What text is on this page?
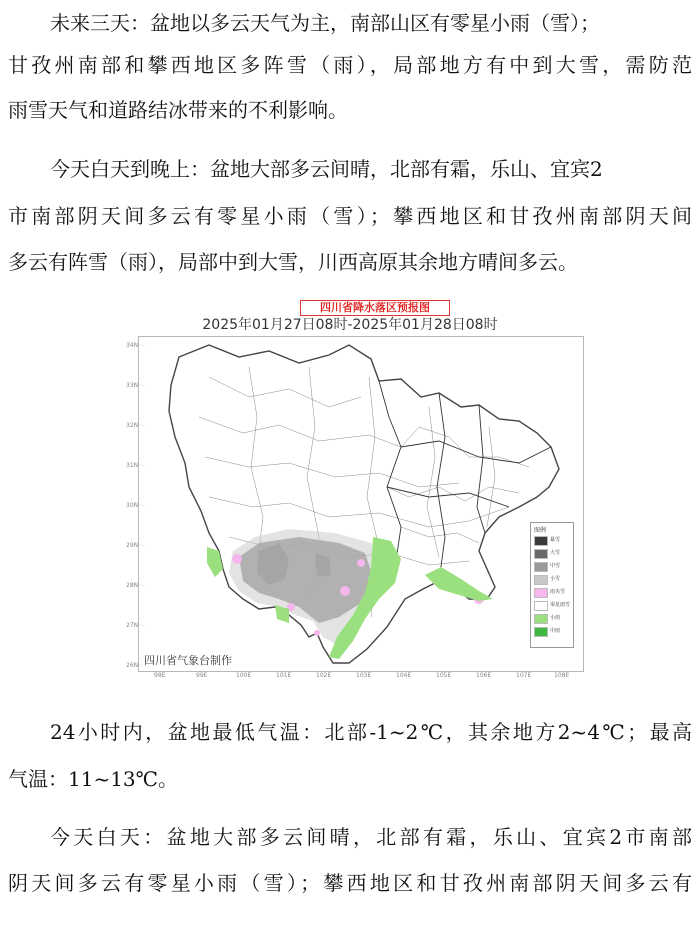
未来三天：盆地以多云天气为主，南部山区有零星小雨（雪）；
甘孜州南部和攀西地区多阵雪（雨），局部地方有中到大雪，需防范
雨雪天气和道路结冰带来的不利影响。
今天白天到晚上：盆地大部多云间晴，北部有霜，乐山、宜宾2
市南部阴天间多云有零星小雨（雪）；攀西地区和甘孜州南部阴天间
多云有阵雪（雨），局部中到大雪，川西高原其余地方晴间多云。
四川省降水落区预报图
2025年01月27日08时-2025年01月28日08时
34N
33N
32N
31N
30N
29N
28N
27N
26N
98E	99E	100E	101E	102E	103E	104E	105E	106E	107E	108E
四川省气象台制作
图例
暴雪
大雪
中雪
小雪
雨夹雪
零星雨雪
小雨
中雨
24小时内，盆地最低气温：北部-1~2℃，其余地方2~4℃；最高
气温：11~13℃。
今天白天：盆地大部多云间晴，北部有霜，乐山、宜宾2市南部
阴天间多云有零星小雨（雪）；攀西地区和甘孜州南部阴天间多云有
